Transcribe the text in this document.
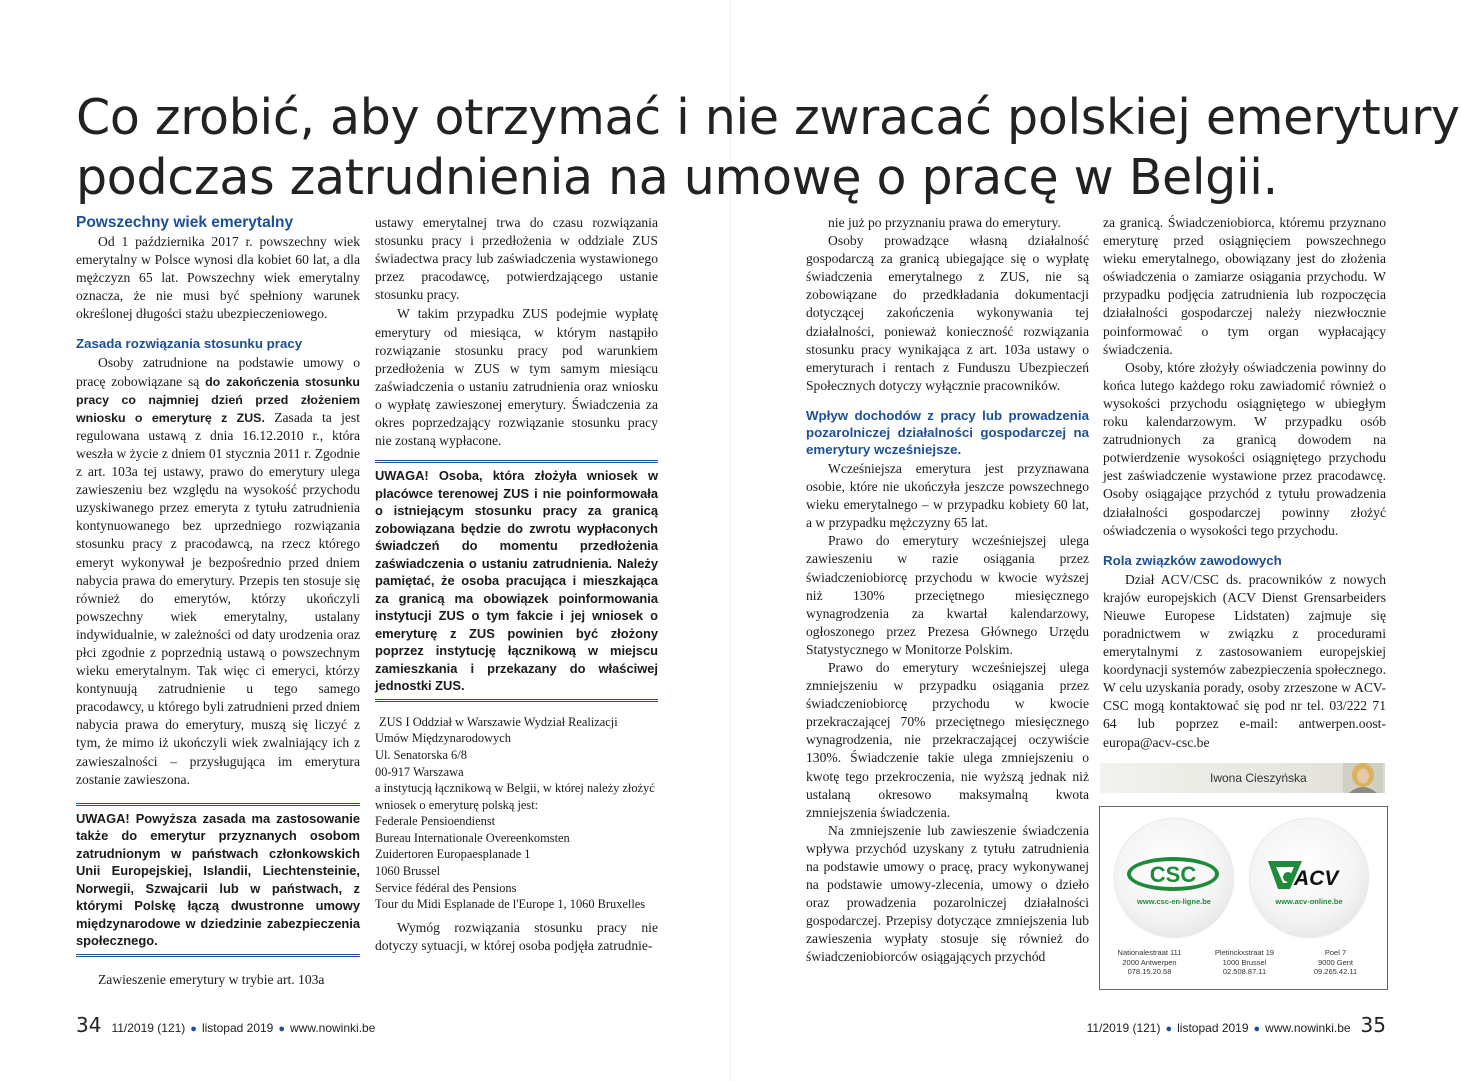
Co zrobić, aby otrzymać i nie zwracać polskiej emerytury
podczas zatrudnienia na umowę o pracę w Belgii.
Powszechny wiek emerytalny

Od 1 października 2017 r. powszechny wiek emerytalny w Polsce wynosi dla kobiet 60 lat, a dla mężczyzn 65 lat. Powszechny wiek emerytalny oznacza, że nie musi być spełniony warunek określonej długości stażu ubezpieczeniowego.

Zasada rozwiązania stosunku pracy

Osoby zatrudnione na podstawie umowy o pracę zobowiązane są do zakończenia stosunku pracy co najmniej dzień przed złożeniem wniosku o emeryturę z ZUS. Zasada ta jest regulowana ustawą z dnia 16.12.2010 r., która weszła w życie z dniem 01 stycznia 2011 r. Zgodnie z art. 103a tej ustawy, prawo do emerytury ulega zawieszeniu bez względu na wysokość przychodu uzyskiwanego przez emeryta z tytułu zatrudnienia kontynuowanego bez uprzedniego rozwiązania stosunku pracy z pracodawcą, na rzecz którego emeryt wykonywał je bezpośrednio przed dniem nabycia prawa do emerytury. Przepis ten stosuje się również do emerytów, którzy ukończyli powszechny wiek emerytalny, ustalany indywidualnie, w zależności od daty urodzenia oraz płci zgodnie z poprzednią ustawą o powszechnym wieku emerytalnym. Tak więc ci emeryci, którzy kontynuują zatrudnienie u tego samego pracodawcy, u którego byli zatrudnieni przed dniem nabycia prawa do emerytury, muszą się liczyć z tym, że mimo iż ukończyli wiek zwalniający ich z zawieszalności – przysługująca im emerytura zostanie zawieszona.

UWAGA! Powyższa zasada ma zastosowanie także do emerytur przyznanych osobom zatrudnionym w państwach członkowskich Unii Europejskiej, Islandii, Liechtensteinie, Norwegii, Szwajcarii lub w państwach, z którymi Polskę łączą dwustronne umowy międzynarodowe w dziedzinie zabezpieczenia społecznego.

Zawieszenie emerytury w trybie art. 103a

ustawy emerytalnej trwa do czasu rozwiązania stosunku pracy i przedłożenia w oddziale ZUS świadectwa pracy lub zaświadczenia wystawionego przez pracodawcę, potwierdzającego ustanie stosunku pracy.

W takim przypadku ZUS podejmie wypłatę emerytury od miesiąca, w którym nastąpiło rozwiązanie stosunku pracy pod warunkiem przedłożenia w ZUS w tym samym miesiącu zaświadczenia o ustaniu zatrudnienia oraz wniosku o wypłatę zawieszonej emerytury. Świadczenia za okres poprzedzający rozwiązanie stosunku pracy nie zostaną wypłacone.

UWAGA! Osoba, która złożyła wniosek w placówce terenowej ZUS i nie poinformowała o istniejącym stosunku pracy za granicą zobowiązana będzie do zwrotu wypłaconych świadczeń do momentu przedłożenia zaświadczenia o ustaniu zatrudnienia. Należy pamiętać, że osoba pracująca i mieszkająca za granicą ma obowiązek poinformowania instytucji ZUS o tym fakcie i jej wniosek o emeryturę z ZUS powinien być złożony poprzez instytucję łącznikową w miejscu zamieszkania i przekazany do właściwej jednostki ZUS.

ZUS I Oddział w Warszawie Wydział Realizacji
Umów Międzynarodowych
Ul. Senatorska 6/8
00-917 Warszawa
a instytucją łącznikową w Belgii, w której należy złożyć
wniosek o emeryturę polską jest:
Federale Pensioendienst
Bureau Internationale Overeenkomsten
Zuidertoren Europaesplanade 1
1060 Brussel
Service fédéral des Pensions
Tour du Midi Esplanade de l'Europe 1, 1060 Bruxelles

Wymóg rozwiązania stosunku pracy nie dotyczy sytuacji, w której osoba podjęła zatrudnie-

nie już po przyznaniu prawa do emerytury.

Osoby prowadzące własną działalność gospodarczą za granicą ubiegające się o wypłatę świadczenia emerytalnego z ZUS, nie są zobowiązane do przedkładania dokumentacji dotyczącej zakończenia wykonywania tej działalności, ponieważ konieczność rozwiązania stosunku pracy wynikająca z art. 103a ustawy o emeryturach i rentach z Funduszu Ubezpieczeń Społecznych dotyczy wyłącznie pracowników.

Wpływ dochodów z pracy lub prowadzenia pozarolniczej działalności gospodarczej na emerytury wcześniejsze.

Wcześniejsza emerytura jest przyznawana osobie, które nie ukończyła jeszcze powszechnego wieku emerytalnego – w przypadku kobiety 60 lat, a w przypadku mężczyzny 65 lat.

Prawo do emerytury wcześniejszej ulega zawieszeniu w razie osiągania przez świadczeniobiorcę przychodu w kwocie wyższej niż 130% przeciętnego miesięcznego wynagrodzenia za kwartał kalendarzowy, ogłoszonego przez Prezesa Głównego Urzędu Statystycznego w Monitorze Polskim.

Prawo do emerytury wcześniejszej ulega zmniejszeniu w przypadku osiągania przez świadczeniobiorcę przychodu w kwocie przekraczającej 70% przeciętnego miesięcznego wynagrodzenia, nie przekraczającej oczywiście 130%. Świadczenie takie ulega zmniejszeniu o kwotę tego przekroczenia, nie wyższą jednak niż ustalaną okresowo maksymalną kwota zmniejszenia świadczenia.

Na zmniejszenie lub zawieszenie świadczenia wpływa przychód uzyskany z tytułu zatrudnienia na podstawie umowy o pracę, pracy wykonywanej na podstawie umowy-zlecenia, umowy o dzieło oraz prowadzenia pozarolniczej działalności gospodarczej. Przepisy dotyczące zmniejszenia lub zawieszenia wypłaty stosuje się również do świadczeniobiorców osiągających przychód

za granicą. Świadczeniobiorca, któremu przyznano emeryturę przed osiągnięciem powszechnego wieku emerytalnego, obowiązany jest do złożenia oświadczenia o zamiarze osiągania przychodu. W przypadku podjęcia zatrudnienia lub rozpoczęcia działalności gospodarczej należy niezwłocznie poinformować o tym organ wypłacający świadczenia.

Osoby, które złożyły oświadczenia powinny do końca lutego każdego roku zawiadomić również o wysokości przychodu osiągniętego w ubiegłym roku kalendarzowym. W przypadku osób zatrudnionych za granicą dowodem na potwierdzenie wysokości osiągniętego przychodu jest zaświadczenie wystawione przez pracodawcę. Osoby osiągające przychód z tytułu prowadzenia działalności gospodarczej powinny złożyć oświadczenia o wysokości tego przychodu.

Rola związków zawodowych

Dział ACV/CSC ds. pracowników z nowych krajów europejskich (ACV Dienst Grensarbeiders Nieuwe Europese Lidstaten) zajmuje się poradnictwem w związku z procedurami emerytalnymi z zastosowaniem europejskiej koordynacji systemów zabezpieczenia społecznego. W celu uzyskania porady, osoby zrzeszone w ACV-CSC mogą kontaktować się pod nr tel. 03/222 71 64 lub poprzez e-mail: antwerpen.oost-europa@acv-csc.be

Iwona Cieszyńska
CSC
www.csc-en-ligne.be
ACV
www.acv-online.be
Nationalestraat 111
2000 Antwerpen
078.15.20.58
Pletinckxstraat 19
1000 Brussel
02.508.87.11
Poel 7
9000 Gent
09.265.42.11
34 11/2019 (121) ● listopad 2019 ● www.nowinki.be	11/2019 (121) ● listopad 2019 ● www.nowinki.be 35
